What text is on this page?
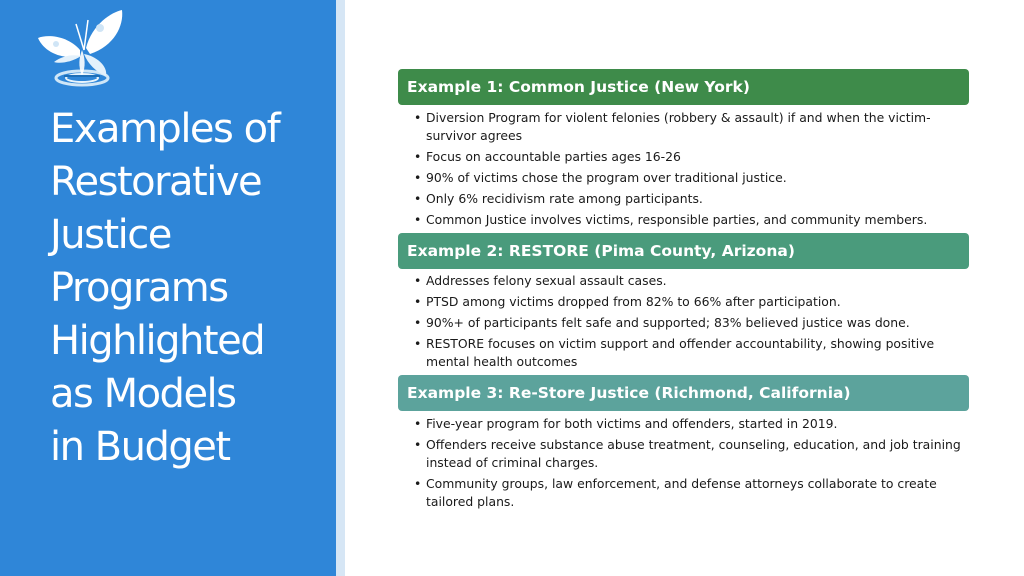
Examples of
Restorative
Justice
Programs
Highlighted
as Models
in Budget
Example 1: Common Justice (New York)
• Diversion Program for violent felonies (robbery & assault) if and when the victim-survivor agrees
• Focus on accountable parties ages 16-26
• 90% of victims chose the program over traditional justice.
• Only 6% recidivism rate among participants.
• Common Justice involves victims, responsible parties, and community members.
Example 2: RESTORE (Pima County, Arizona)
• Addresses felony sexual assault cases.
• PTSD among victims dropped from 82% to 66% after participation.
• 90%+ of participants felt safe and supported; 83% believed justice was done.
• RESTORE focuses on victim support and offender accountability, showing positive mental health outcomes
Example 3: Re-Store Justice (Richmond, California)
• Five-year program for both victims and offenders, started in 2019.
• Offenders receive substance abuse treatment, counseling, education, and job training instead of criminal charges.
• Community groups, law enforcement, and defense attorneys collaborate to create tailored plans.
